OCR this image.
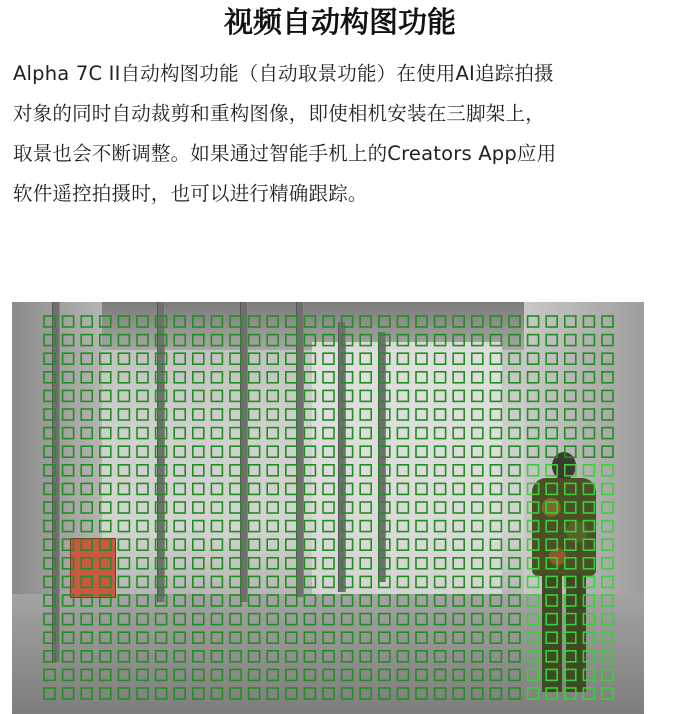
视频自动构图功能
Alpha 7C II自动构图功能（自动取景功能）在使用AI追踪拍摄
对象的同时自动裁剪和重构图像，即使相机安装在三脚架上，
取景也会不断调整。如果通过智能手机上的Creators App应用
软件遥控拍摄时，也可以进行精确跟踪。
